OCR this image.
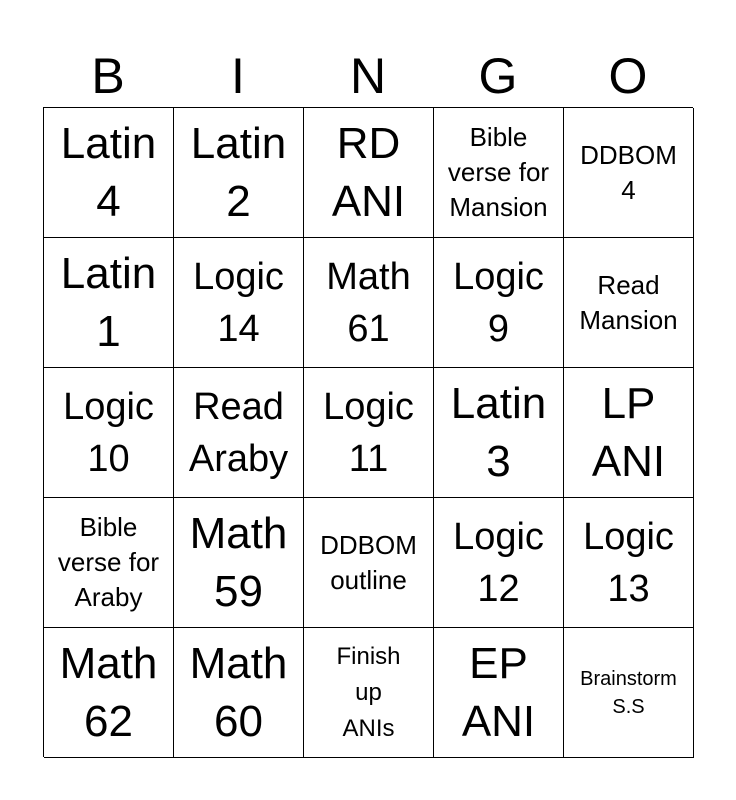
B	I	N	G	O
Latin
4
Latin
2
RD
ANI
Bible
verse for
Mansion
DDBOM
4
Latin
1
Logic
14
Math
61
Logic
9
Read
Mansion
Logic
10
Read
Araby
Logic
11
Latin
3
LP
ANI
Bible
verse for
Araby
Math
59
DDBOM
outline
Logic
12
Logic
13
Math
62
Math
60
Finish
up
ANIs
EP
ANI
Brainstorm
S.S
